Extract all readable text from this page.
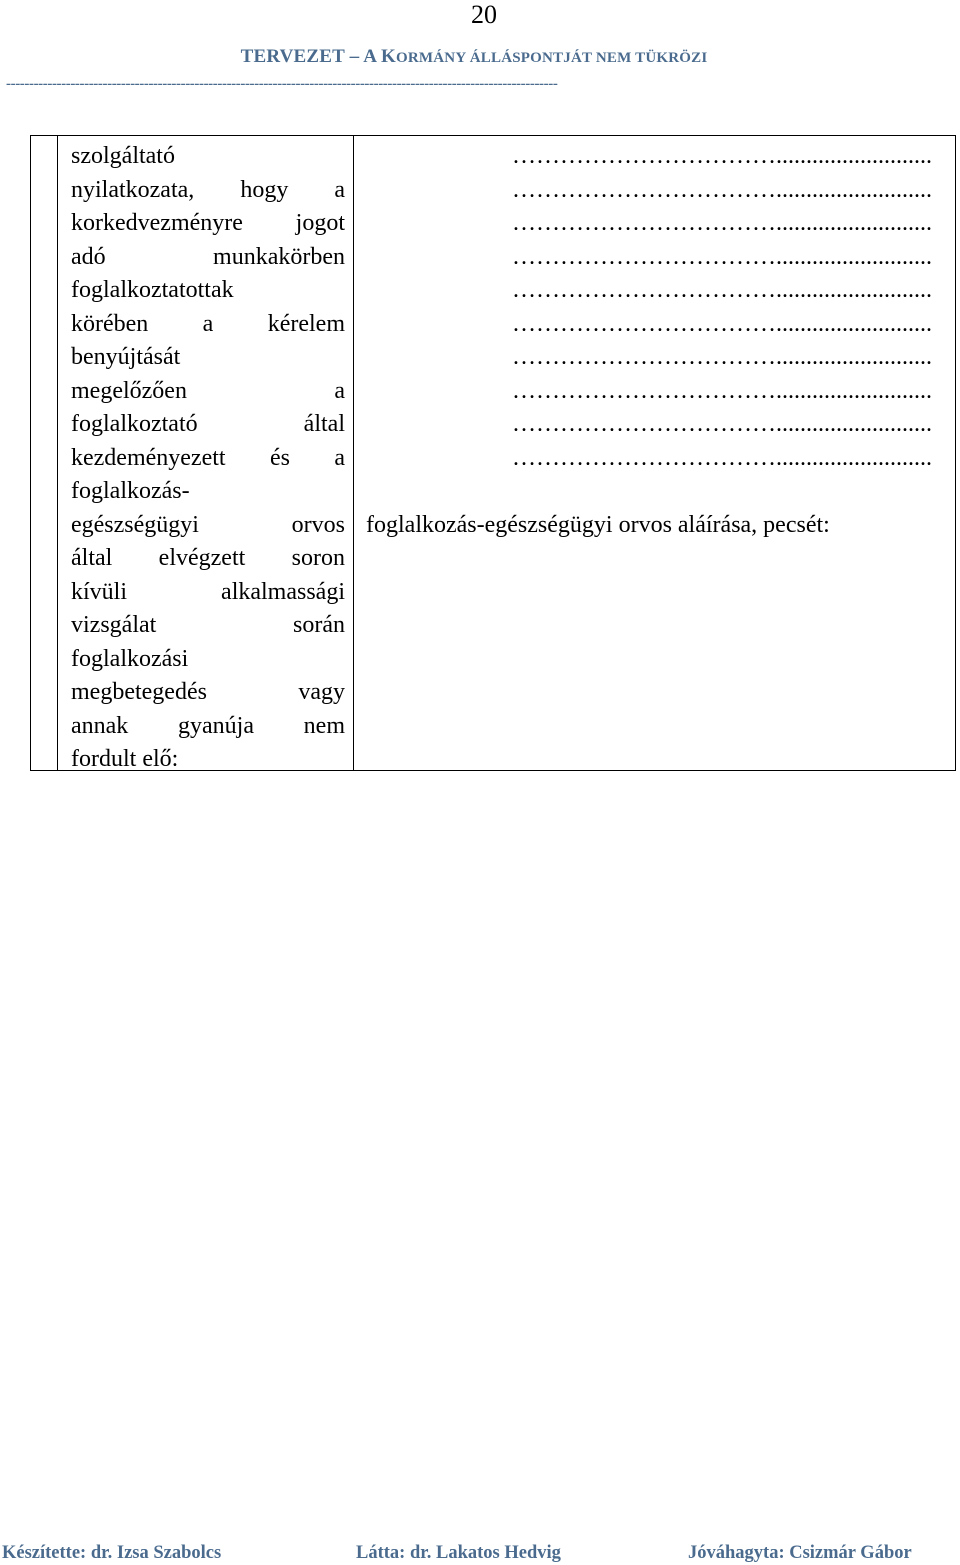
20
TERVEZET – A KORMÁNY ÁLLÁSPONTJÁT NEM TÜKRÖZI
------------------------------------------------------------------------------------------------------------------------
szolgáltató
nyilatkozata, hogy a
korkedvezményre jogot
adó munkakörben
foglalkoztatottak
körében a kérelem
benyújtását
megelőzően a
foglalkoztató által
kezdeményezett és a
foglalkozás-
egészségügyi orvos
által elvégzett soron
kívüli alkalmassági
vizsgálat során
foglalkozási
megbetegedés vagy
annak gyanúja nem
fordult elő:
……………………………..........................
……………………………..........................
……………………………..........................
……………………………..........................
……………………………..........................
……………………………..........................
……………………………..........................
……………………………..........................
……………………………..........................
……………………………..........................
foglalkozás-egészségügyi orvos aláírása, pecsét:
Készítette: dr. Izsa Szabolcs	Látta: dr. Lakatos Hedvig	Jóváhagyta: Csizmár Gábor
